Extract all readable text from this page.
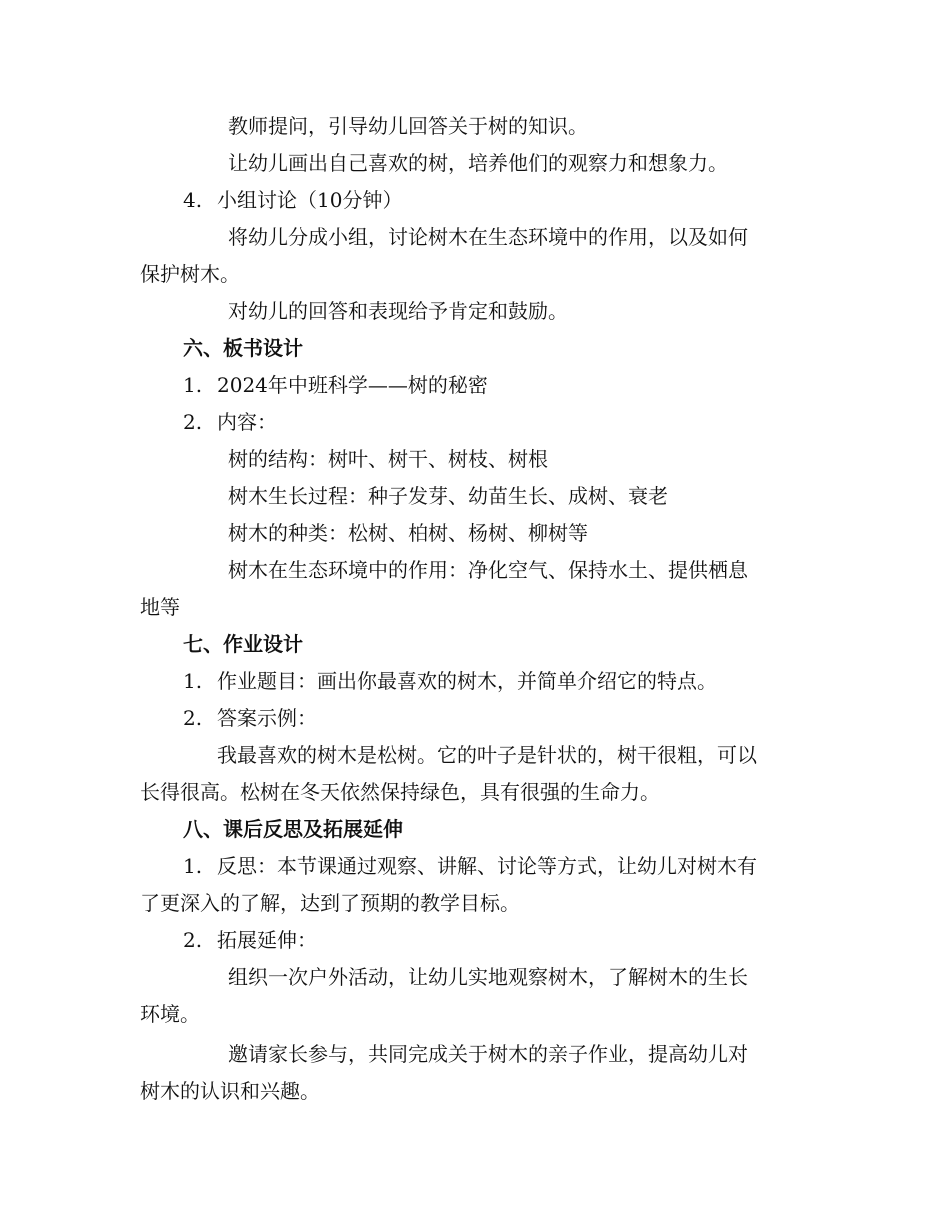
教师提问，引导幼儿回答关于树的知识。
让幼儿画出自己喜欢的树，培养他们的观察力和想象力。
4. 小组讨论（10分钟）
将幼儿分成小组，讨论树木在生态环境中的作用，以及如何
保护树木。
对幼儿的回答和表现给予肯定和鼓励。
六、板书设计
1. 2024年中班科学——树的秘密
2. 内容：
树的结构：树叶、树干、树枝、树根
树木生长过程：种子发芽、幼苗生长、成树、衰老
树木的种类：松树、柏树、杨树、柳树等
树木在生态环境中的作用：净化空气、保持水土、提供栖息
地等
七、作业设计
1. 作业题目：画出你最喜欢的树木，并简单介绍它的特点。
2. 答案示例：
我最喜欢的树木是松树。它的叶子是针状的，树干很粗，可以
长得很高。松树在冬天依然保持绿色，具有很强的生命力。
八、课后反思及拓展延伸
1. 反思：本节课通过观察、讲解、讨论等方式，让幼儿对树木有
了更深入的了解，达到了预期的教学目标。
2. 拓展延伸：
组织一次户外活动，让幼儿实地观察树木，了解树木的生长
环境。
邀请家长参与，共同完成关于树木的亲子作业，提高幼儿对
树木的认识和兴趣。
